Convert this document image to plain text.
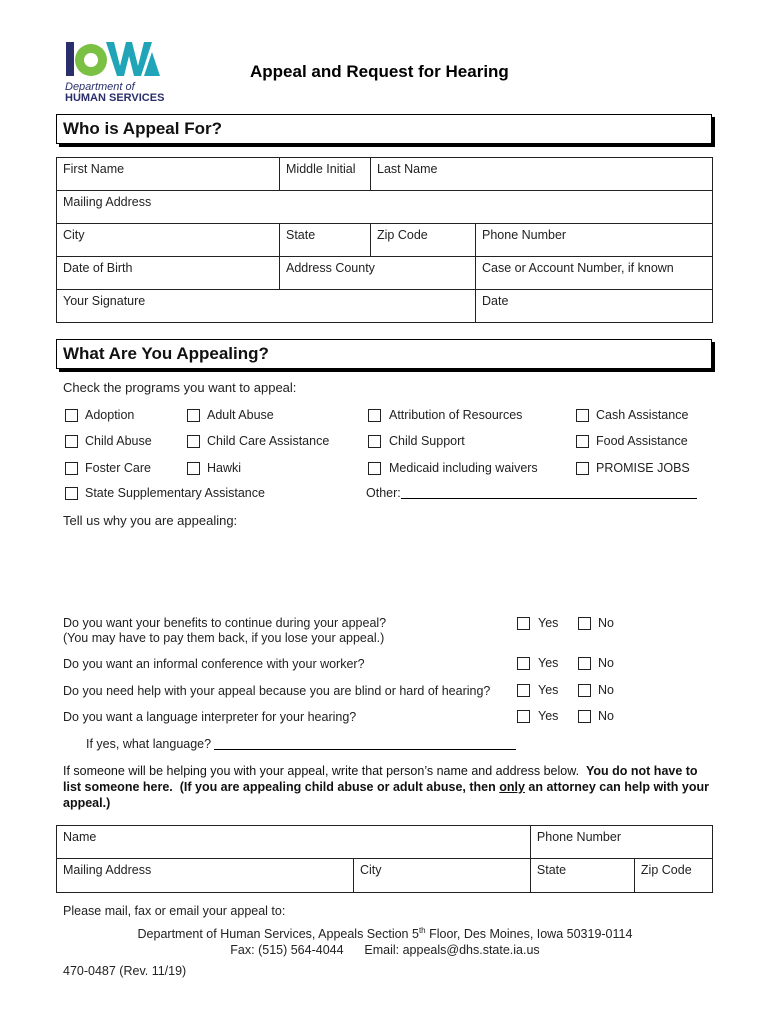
Department of
HUMAN SERVICES
Appeal and Request for Hearing
Who is Appeal For?
First Name	Middle Initial	Last Name	
Mailing Address			
City	State	Zip Code	Phone Number
Date of Birth	Address County		Case or Account Number, if known
Your Signature			Date
What Are You Appealing?
Check the programs you want to appeal:
Adoption
Child Abuse
Foster Care
State Supplementary Assistance
Adult Abuse
Child Care Assistance
Hawki
Attribution of Resources
Child Support
Medicaid including waivers
Other:
Cash Assistance
Food Assistance
PROMISE JOBS
Tell us why you are appealing:
Do you want your benefits to continue during your appeal?
(You may have to pay them back, if you lose your appeal.)
Yes	No
Do you want an informal conference with your worker?	Yes	No
Do you need help with your appeal because you are blind or hard of hearing?	Yes	No
Do you want a language interpreter for your hearing?	Yes	No
If yes, what language?
If someone will be helping you with your appeal, write that person’s name and address below. You do not have to list someone here. (If you are appealing child abuse or adult abuse, then only an attorney can help with your appeal.)
Name		Phone Number
Mailing Address	City	State Zip Code
Please mail, fax or email your appeal to:
Department of Human Services, Appeals Section 5th Floor, Des Moines, Iowa 50319-0114
Fax: (515) 564-4044 Email: appeals@dhs.state.ia.us
470-0487 (Rev. 11/19)
